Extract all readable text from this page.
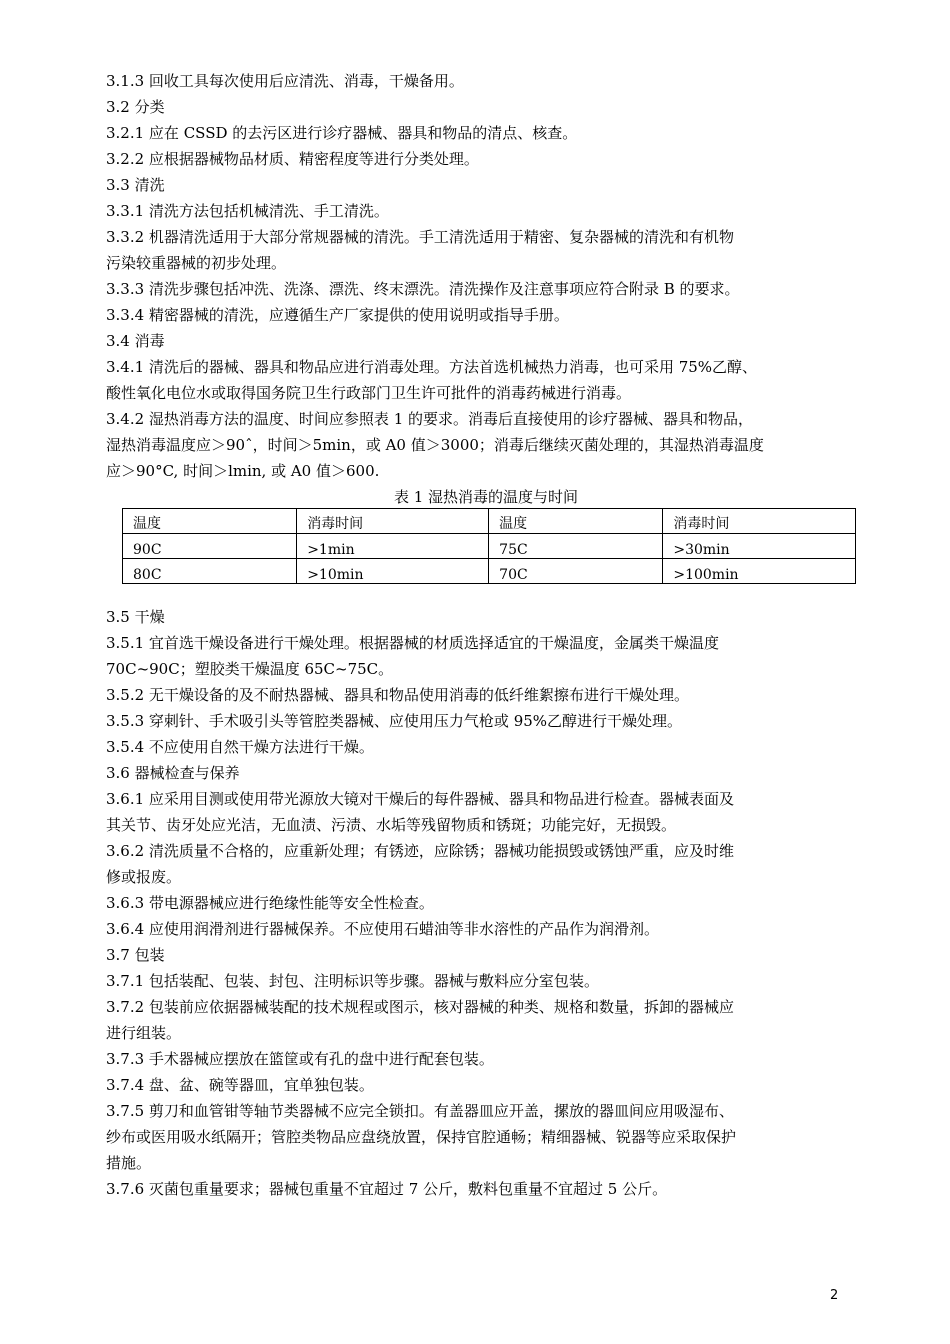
3.1.3 回收工具每次使用后应清洗、消毒，干燥备用。
3.2 分类
3.2.1 应在 CSSD 的去污区进行诊疗器械、器具和物品的清点、核查。
3.2.2 应根据器械物品材质、精密程度等进行分类处理。
3.3 清洗
3.3.1 清洗方法包括机械清洗、手工清洗。
3.3.2 机器清洗适用于大部分常规器械的清洗。手工清洗适用于精密、复杂器械的清洗和有机物
污染较重器械的初步处理。
3.3.3 清洗步骤包括冲洗、洗涤、漂洗、终末漂洗。清洗操作及注意事项应符合附录 B 的要求。
3.3.4 精密器械的清洗，应遵循生产厂家提供的使用说明或指导手册。
3.4 消毒
3.4.1 清洗后的器械、器具和物品应进行消毒处理。方法首选机械热力消毒，也可采用 75%乙醇、
酸性氧化电位水或取得国务院卫生行政部门卫生许可批件的消毒药械进行消毒。
3.4.2 湿热消毒方法的温度、时间应参照表 1 的要求。消毒后直接使用的诊疗器械、器具和物品，
湿热消毒温度应＞90ˆ，时间＞5min，或 A0 值＞3000；消毒后继续灭菌处理的，其湿热消毒温度
应＞90°C, 时间＞lmin, 或 A0 值＞600.
表 1 湿热消毒的温度与时间
温度	消毒时间	温度	消毒时间
90C	>1min	75C	>30min
80C	>10min	70C	>100min
3.5 干燥
3.5.1 宜首选干燥设备进行干燥处理。根据器械的材质选择适宜的干燥温度，金属类干燥温度
70C~90C；塑胶类干燥温度 65C~75C。
3.5.2 无干燥设备的及不耐热器械、器具和物品使用消毒的低纤维絮擦布进行干燥处理。
3.5.3 穿刺针、手术吸引头等管腔类器械、应使用压力气枪或 95%乙醇进行干燥处理。
3.5.4 不应使用自然干燥方法进行干燥。
3.6 器械检查与保养
3.6.1 应采用目测或使用带光源放大镜对干燥后的每件器械、器具和物品进行检查。器械表面及
其关节、齿牙处应光洁，无血渍、污渍、水垢等残留物质和锈斑；功能完好，无损毁。
3.6.2 清洗质量不合格的，应重新处理；有锈迹，应除锈；器械功能损毁或锈蚀严重，应及时维
修或报废。
3.6.3 带电源器械应进行绝缘性能等安全性检查。
3.6.4 应使用润滑剂进行器械保养。不应使用石蜡油等非水溶性的产品作为润滑剂。
3.7 包装
3.7.1 包括装配、包装、封包、注明标识等步骤。器械与敷料应分室包装。
3.7.2 包装前应依据器械装配的技术规程或图示，核对器械的种类、规格和数量，拆卸的器械应
进行组装。
3.7.3 手术器械应摆放在篮筐或有孔的盘中进行配套包装。
3.7.4 盘、盆、碗等器皿，宜单独包装。
3.7.5 剪刀和血管钳等轴节类器械不应完全锁扣。有盖器皿应开盖，摞放的器皿间应用吸湿布、
纱布或医用吸水纸隔开；管腔类物品应盘绕放置，保持官腔通畅；精细器械、锐器等应采取保护
措施。
3.7.6 灭菌包重量要求；器械包重量不宜超过 7 公斤，敷料包重量不宜超过 5 公斤。
2
